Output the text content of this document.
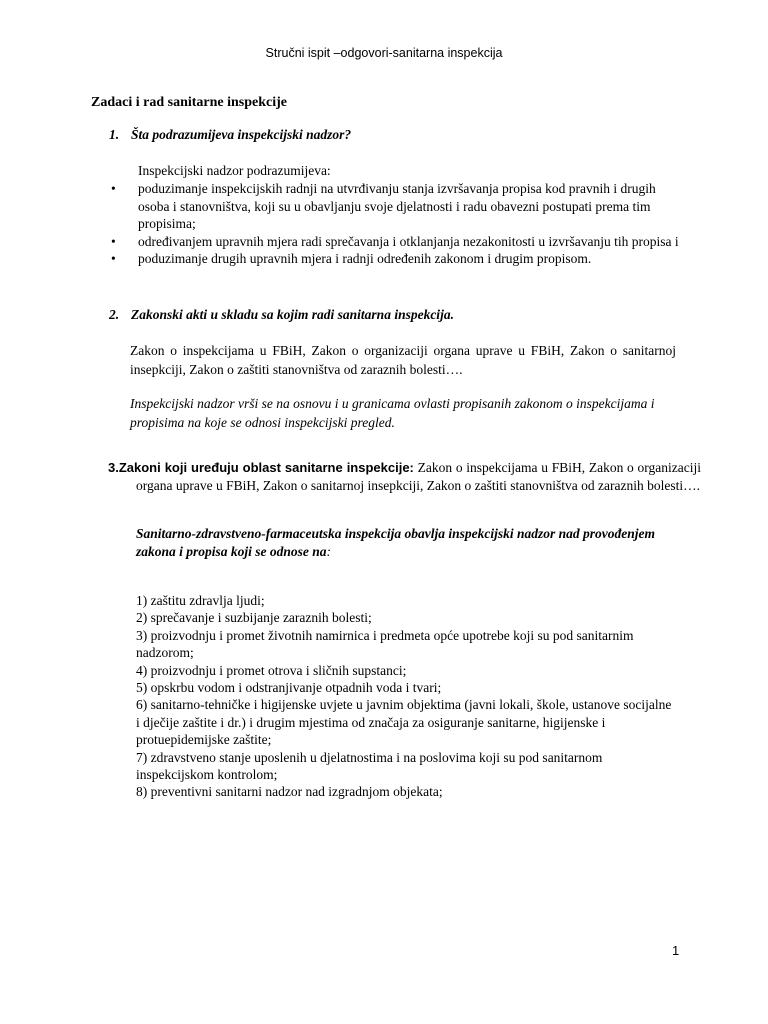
Stručni ispit –odgovori-sanitarna inspekcija
Zadaci i rad sanitarne inspekcije
1. Šta podrazumijeva inspekcijski nadzor?
Inspekcijski nadzor podrazumijeva:
• poduzimanje inspekcijskih radnji na utvrđivanju stanja izvršavanja propisa kod pravnih i drugih osoba i stanovništva, koji su u obavljanju svoje djelatnosti i radu obavezni postupati prema tim propisima;
• određivanjem upravnih mjera radi sprečavanja i otklanjanja nezakonitosti u izvršavanju tih propisa i
• poduzimanje drugih upravnih mjera i radnji određenih zakonom i drugim propisom.
2. Zakonski akti u skladu sa kojim radi sanitarna inspekcija.
Zakon o inspekcijama u FBiH, Zakon o organizaciji organa uprave u FBiH, Zakon o sanitarnoj insepkciji, Zakon o zaštiti stanovništva od zaraznih bolesti….
Inspekcijski nadzor vrši se na osnovu i u granicama ovlasti propisanih zakonom o inspekcijama i propisima na koje se odnosi inspekcijski pregled.
3.Zakoni koji uređuju oblast sanitarne inspekcije: Zakon o inspekcijama u FBiH, Zakon o organizaciji organa uprave u FBiH, Zakon o sanitarnoj insepkciji, Zakon o zaštiti stanovništva od zaraznih bolesti….
Sanitarno-zdravstveno-farmaceutska inspekcija obavlja inspekcijski nadzor nad provođenjem zakona i propisa koji se odnose na:
1) zaštitu zdravlja ljudi;
2) sprečavanje i suzbijanje zaraznih bolesti;
3) proizvodnju i promet životnih namirnica i predmeta opće upotrebe koji su pod sanitarnim nadzorom;
4) proizvodnju i promet otrova i sličnih supstanci;
5) opskrbu vodom i odstranjivanje otpadnih voda i tvari;
6) sanitarno-tehničke i higijenske uvjete u javnim objektima (javni lokali, škole, ustanove socijalne i dječije zaštite i dr.) i drugim mjestima od značaja za osiguranje sanitarne, higijenske i protuepidemijske zaštite;
7) zdravstveno stanje uposlenih u djelatnostima i na poslovima koji su pod sanitarnom inspekcijskom kontrolom;
8) preventivni sanitarni nadzor nad izgradnjom objekata;
1
